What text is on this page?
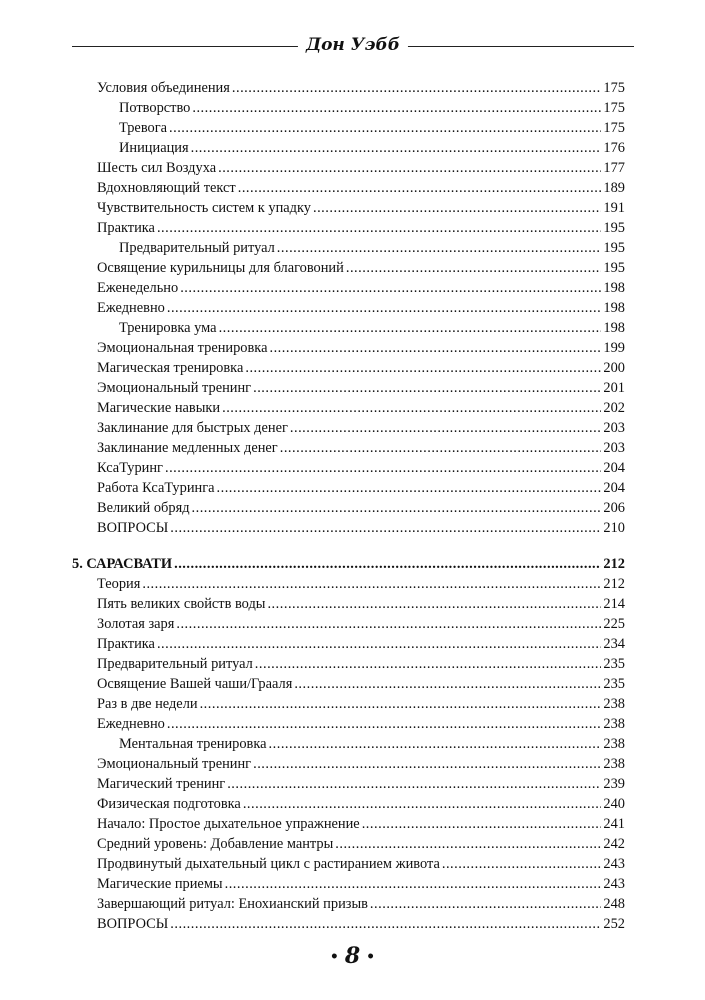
Дон Уэбб
Условия объединения .....	175
Потворство .....	175
Тревога .....	175
Инициация .....	176
Шесть сил Воздуха .....	177
Вдохновляющий текст .....	189
Чувствительность систем к упадку .....	191
Практика .....	195
Предварительный ритуал .....	195
Освящение курильницы для благовоний .....	195
Еженедельно .....	198
Ежедневно .....	198
Тренировка ума .....	198
Эмоциональная тренировка .....	199
Магическая тренировка .....	200
Эмоциональный тренинг .....	201
Магические навыки .....	202
Заклинание для быстрых денег .....	203
Заклинание медленных денег .....	203
КсаТуринг .....	204
Работа КсаТуринга .....	204
Великий обряд .....	206
ВОПРОСЫ .....	210
5. САРАСВАТИ .....	212
Теория .....	212
Пять великих свойств воды .....	214
Золотая заря .....	225
Практика .....	234
Предварительный ритуал .....	235
Освящение Вашей чаши/Грааля .....	235
Раз в две недели .....	238
Ежедневно .....	238
Ментальная тренировка .....	238
Эмоциональный тренинг .....	238
Магический тренинг .....	239
Физическая подготовка .....	240
Начало: Простое дыхательное упражнение .....	241
Средний уровень: Добавление мантры .....	242
Продвинутый дыхательный цикл с растиранием живота .....	243
Магические приемы .....	243
Завершающий ритуал: Енохианский призыв .....	248
ВОПРОСЫ .....	252
• 8 •
